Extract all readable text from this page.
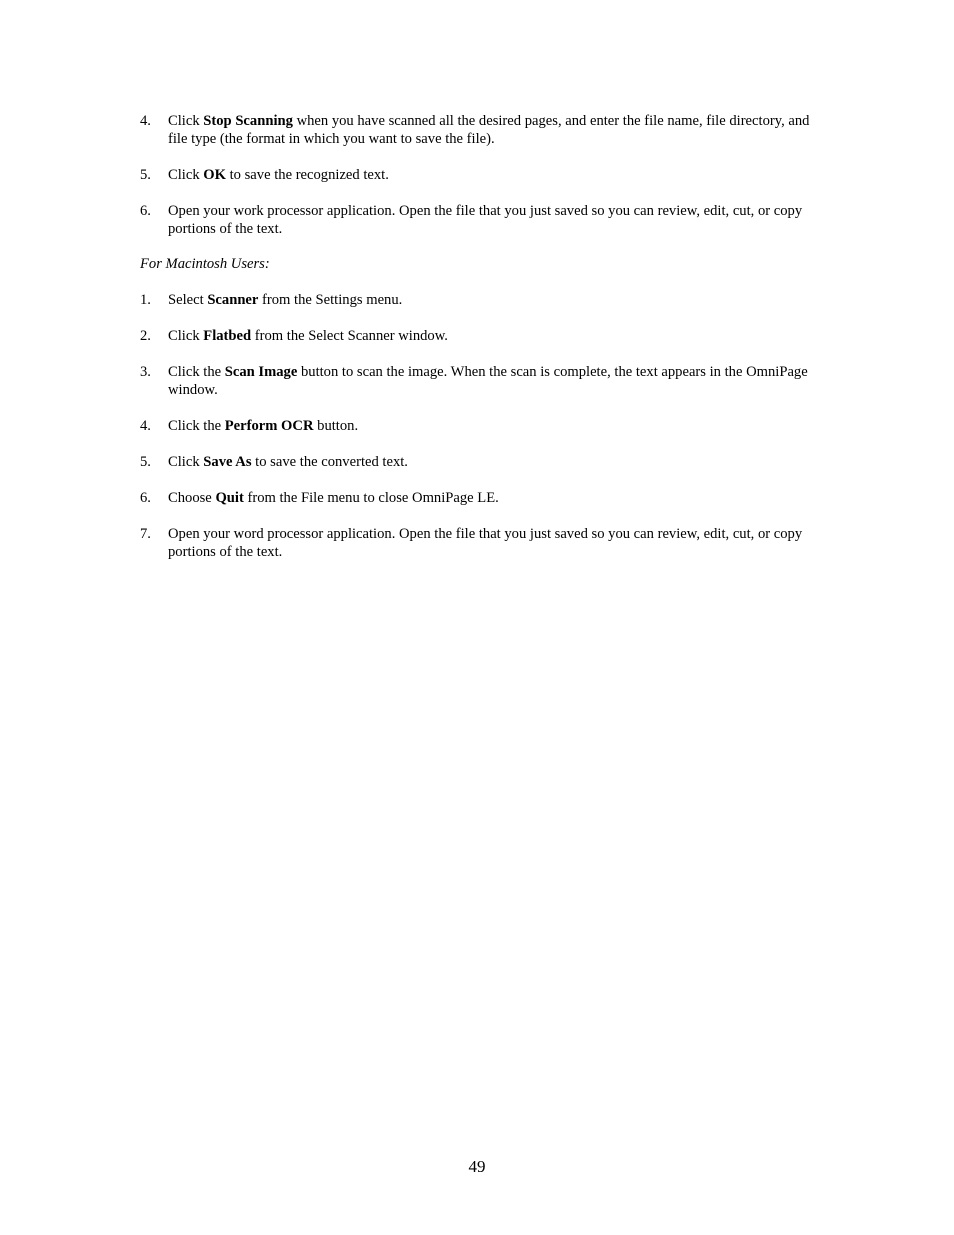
4.	Click Stop Scanning when you have scanned all the desired pages, and enter the file name, file directory, and file type (the format in which you want to save the file).
5.	Click OK to save the recognized text.
6.	Open your work processor application. Open the file that you just saved so you can review, edit, cut, or copy portions of the text.

For Macintosh Users:

1.	Select Scanner from the Settings menu.
2.	Click Flatbed from the Select Scanner window.
3.	Click the Scan Image button to scan the image. When the scan is complete, the text appears in the OmniPage window.
4.	Click the Perform OCR button.
5.	Click Save As to save the converted text.
6.	Choose Quit from the File menu to close OmniPage LE.
7.	Open your word processor application. Open the file that you just saved so you can review, edit, cut, or copy portions of the text.
49
